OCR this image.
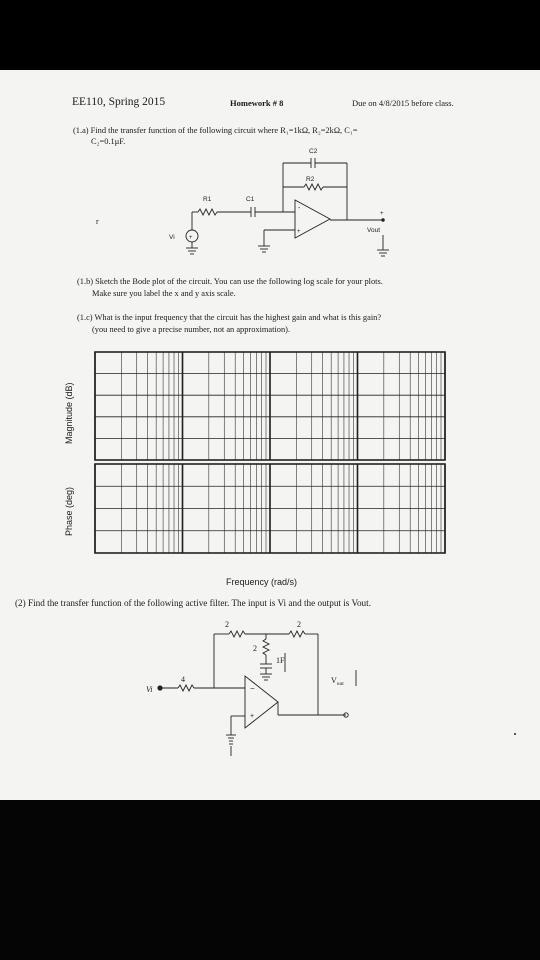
EE110, Spring 2015	Homework # 8	Due on 4/8/2015 before class.
(1.a) Find the transfer function of the following circuit where R₁=1kΩ, R₂=2kΩ, C₁=
C₂=0.1μF.
C2
R2
R1	C1
Vi
Vout
-
+
+
+
r
(1.b) Sketch the Bode plot of the circuit. You can use the following log scale for your plots.
Make sure you label the x and y axis scale.
(1.c) What is the input frequency that the circuit has the highest gain and what is this gain?
(you need to give a precise number, not an approximation).
Magnitude (dB)
Phase (deg)
Frequency (rad/s)
(2) Find the transfer function of the following active filter. The input is Vi and the output is Vout.
2	2
2
1F
4
Vi
$V_{out}$
−
+
